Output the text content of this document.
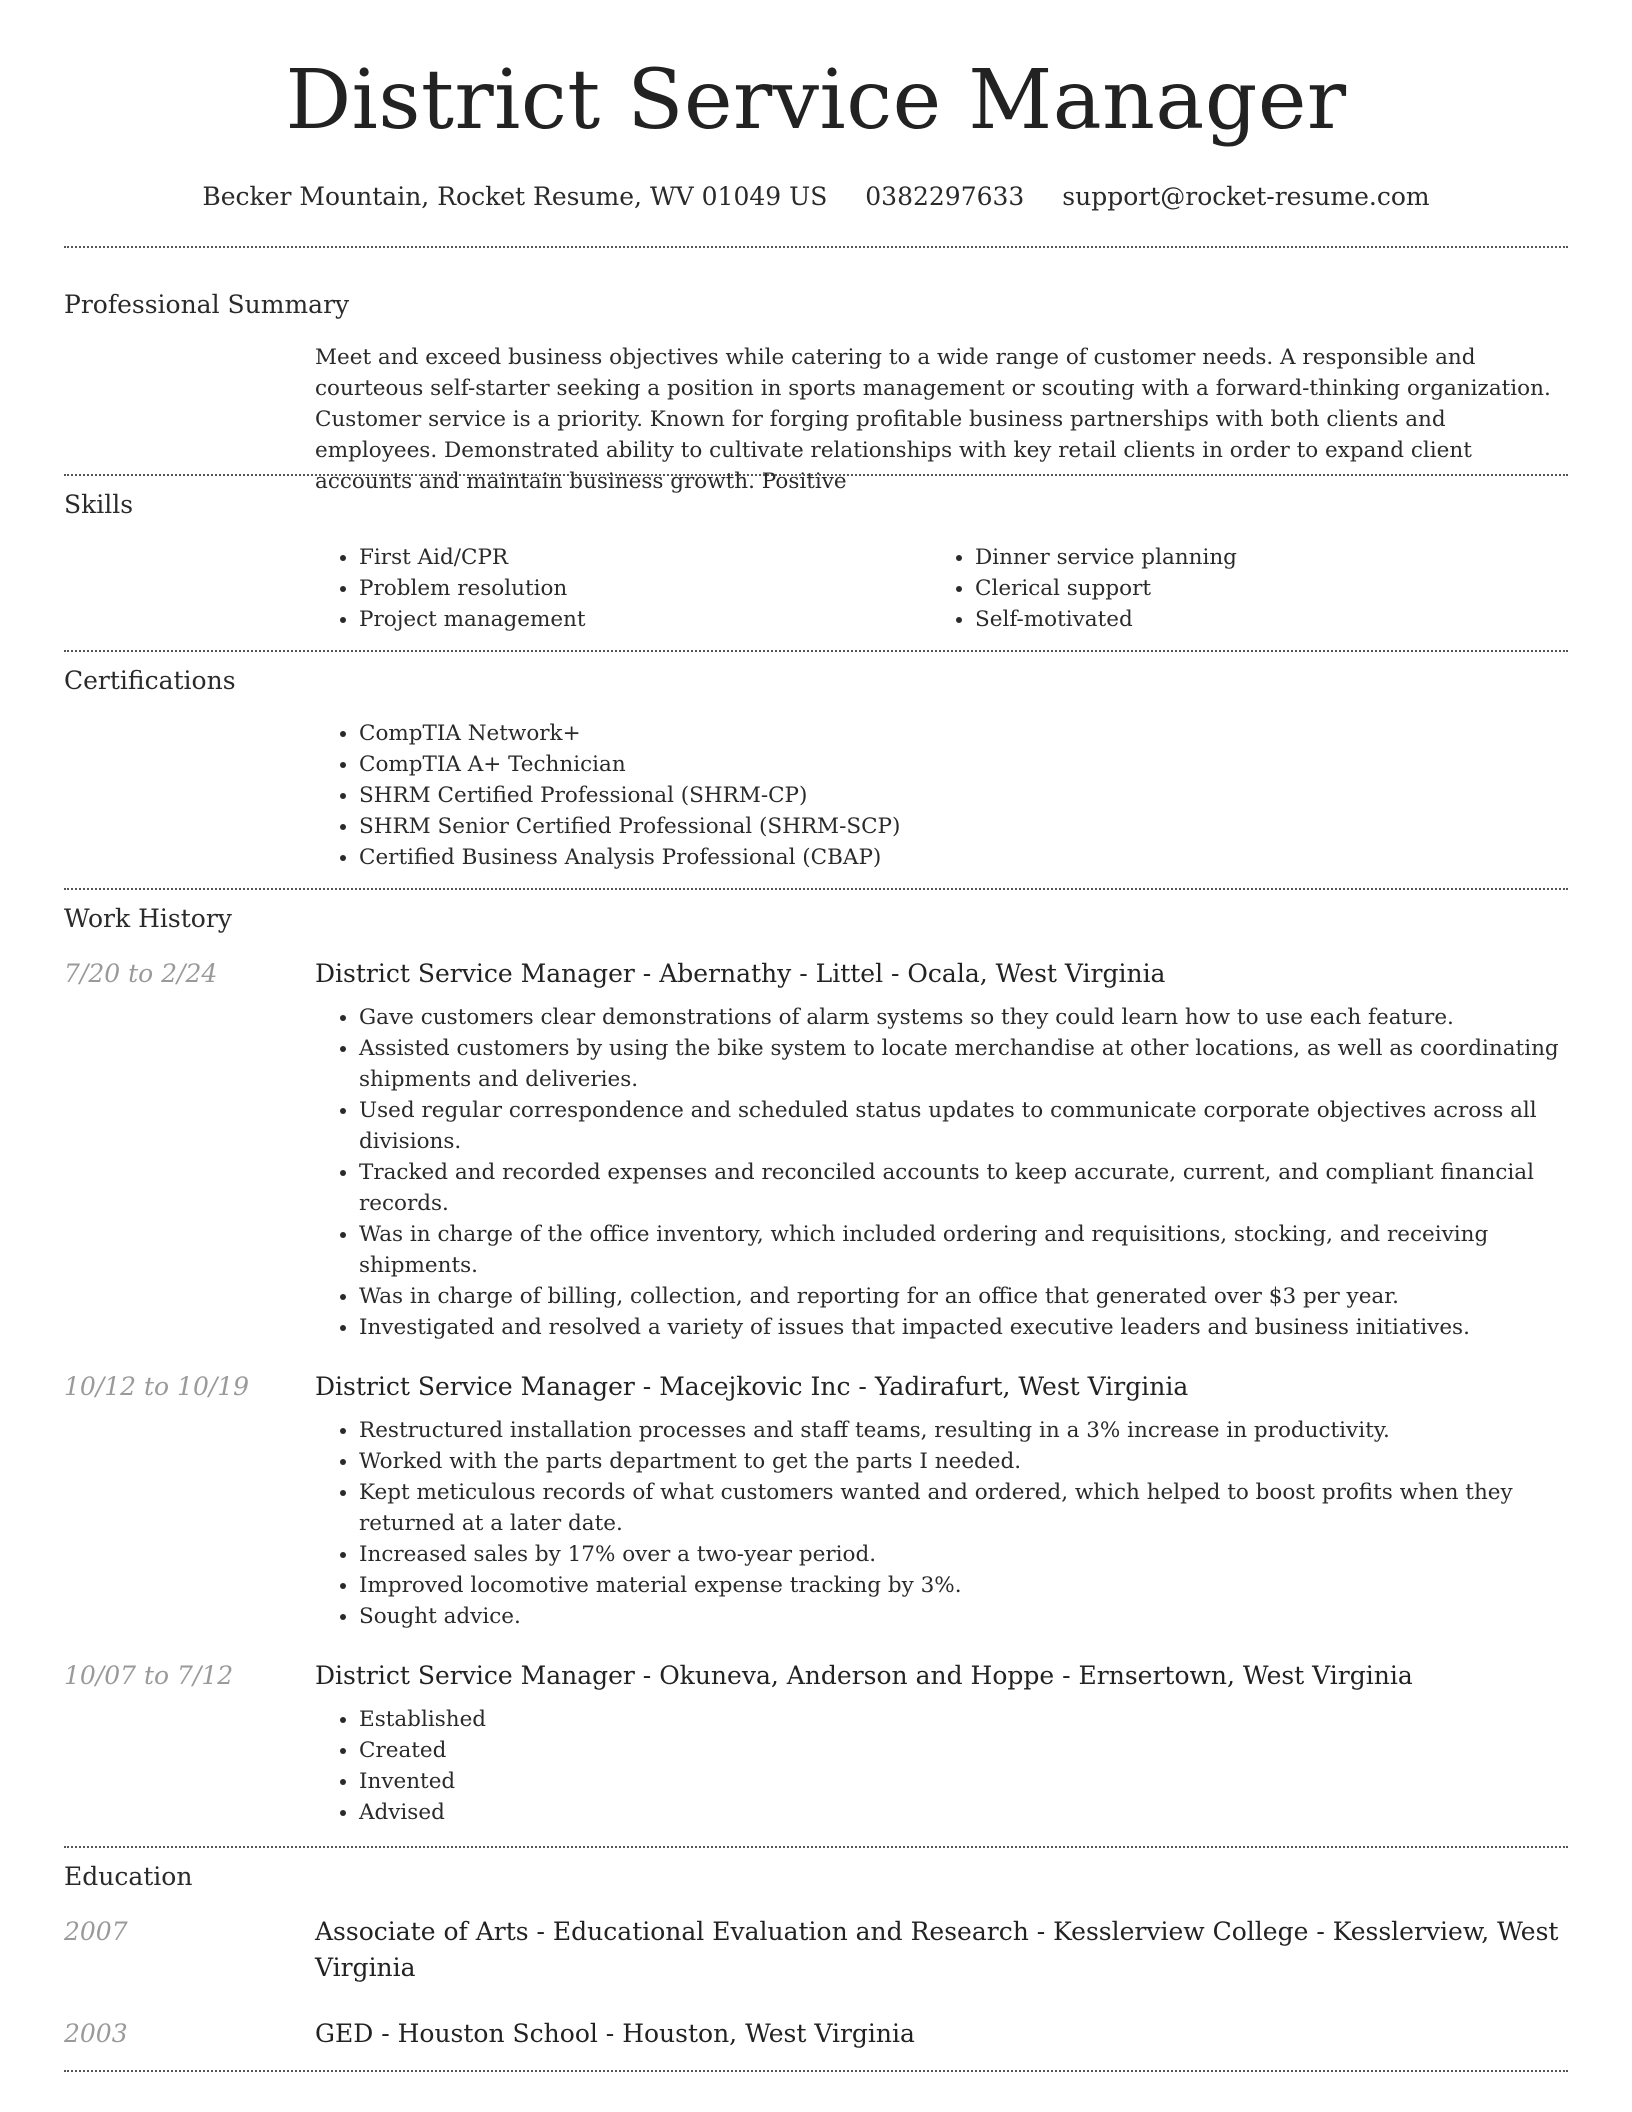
District Service Manager
Becker Mountain, Rocket Resume, WV 01049 US 0382297633 support@rocket-resume.com
Professional Summary

Meet and exceed business objectives while catering to a wide range of customer needs. A responsible and courteous self-starter seeking a position in sports management or scouting with a forward-thinking organization. Customer service is a priority. Known for forging profitable business partnerships with both clients and employees. Demonstrated ability to cultivate relationships with key retail clients in order to expand client accounts and maintain business growth. Positive

Skills
• First Aid/CPR
• Problem resolution
• Project management
• Dinner service planning
• Clerical support
• Self-motivated
Certifications
• CompTIA Network+
• CompTIA A+ Technician
• SHRM Certified Professional (SHRM-CP)
• SHRM Senior Certified Professional (SHRM-SCP)
• Certified Business Analysis Professional (CBAP)
Work History
7/20 to 2/24	District Service Manager - Abernathy - Littel - Ocala, West Virginia
• Gave customers clear demonstrations of alarm systems so they could learn how to use each feature.
• Assisted customers by using the bike system to locate merchandise at other locations, as well as coordinating shipments and deliveries.
• Used regular correspondence and scheduled status updates to communicate corporate objectives across all divisions.
• Tracked and recorded expenses and reconciled accounts to keep accurate, current, and compliant financial records.
• Was in charge of the office inventory, which included ordering and requisitions, stocking, and receiving shipments.
• Was in charge of billing, collection, and reporting for an office that generated over $3 per year.
• Investigated and resolved a variety of issues that impacted executive leaders and business initiatives.
10/12 to 10/19	District Service Manager - Macejkovic Inc - Yadirafurt, West Virginia
• Restructured installation processes and staff teams, resulting in a 3% increase in productivity.
• Worked with the parts department to get the parts I needed.
• Kept meticulous records of what customers wanted and ordered, which helped to boost profits when they returned at a later date.
• Increased sales by 17% over a two-year period.
• Improved locomotive material expense tracking by 3%.
• Sought advice.
10/07 to 7/12	District Service Manager - Okuneva, Anderson and Hoppe - Ernsertown, West Virginia
• Established
• Created
• Invented
• Advised
Education
2007	Associate of Arts - Educational Evaluation and Research - Kesslerview College - Kesslerview, West Virginia
2003	GED - Houston School - Houston, West Virginia
